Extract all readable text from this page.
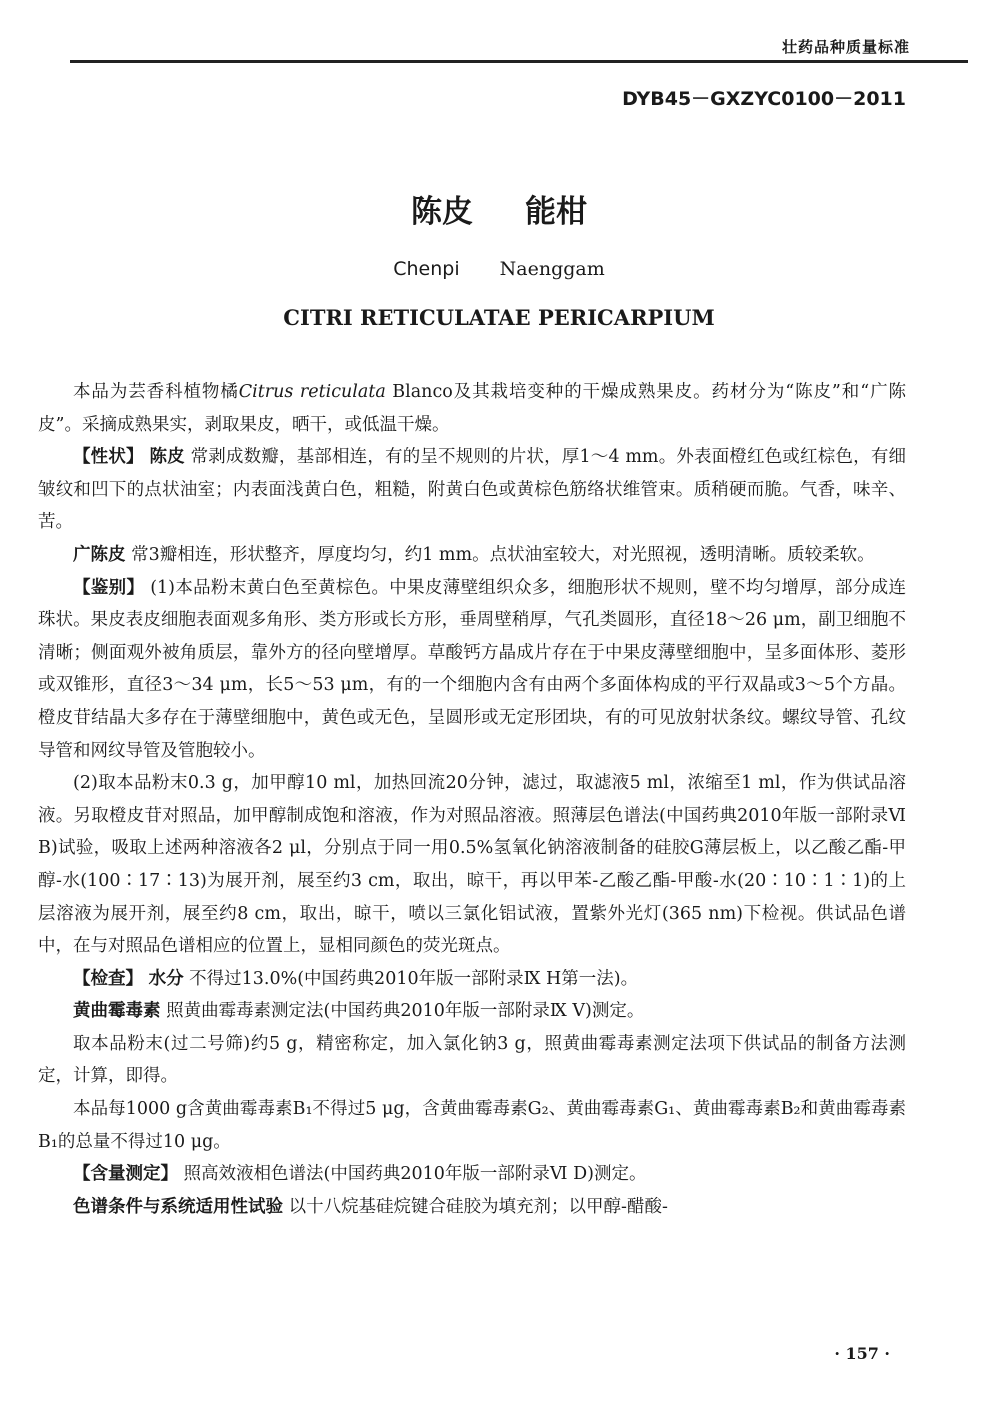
壮药品种质量标准
DYB45－GXZYC0100－2011
陈皮 能柑
Chenpi Naenggam
CITRI RETICULATAE PERICARPIUM

本品为芸香科植物橘Citrus reticulata Blanco及其栽培变种的干燥成熟果皮。药材分为“陈皮”和“广陈皮”。采摘成熟果实，剥取果皮，晒干，或低温干燥。

【性状】 陈皮 常剥成数瓣，基部相连，有的呈不规则的片状，厚1～4 mm。外表面橙红色或红棕色，有细皱纹和凹下的点状油室；内表面浅黄白色，粗糙，附黄白色或黄棕色筋络状维管束。质稍硬而脆。气香，味辛、苦。

广陈皮 常3瓣相连，形状整齐，厚度均匀，约1 mm。点状油室较大，对光照视，透明清晰。质较柔软。

【鉴别】 (1)本品粉末黄白色至黄棕色。中果皮薄壁组织众多，细胞形状不规则，壁不均匀增厚，部分成连珠状。果皮表皮细胞表面观多角形、类方形或长方形，垂周壁稍厚，气孔类圆形，直径18～26 μm，副卫细胞不清晰；侧面观外被角质层，靠外方的径向壁增厚。草酸钙方晶成片存在于中果皮薄壁细胞中，呈多面体形、菱形或双锥形，直径3～34 μm，长5～53 μm，有的一个细胞内含有由两个多面体构成的平行双晶或3～5个方晶。橙皮苷结晶大多存在于薄壁细胞中，黄色或无色，呈圆形或无定形团块，有的可见放射状条纹。螺纹导管、孔纹导管和网纹导管及管胞较小。

(2)取本品粉末0.3 g，加甲醇10 ml，加热回流20分钟，滤过，取滤液5 ml，浓缩至1 ml，作为供试品溶液。另取橙皮苷对照品，加甲醇制成饱和溶液，作为对照品溶液。照薄层色谱法(中国药典2010年版一部附录Ⅵ B)试验，吸取上述两种溶液各2 μl，分别点于同一用0.5%氢氧化钠溶液制备的硅胶G薄层板上，以乙酸乙酯-甲醇-水(100∶17∶13)为展开剂，展至约3 cm，取出，晾干，再以甲苯-乙酸乙酯-甲酸-水(20∶10∶1∶1)的上层溶液为展开剂，展至约8 cm，取出，晾干，喷以三氯化铝试液，置紫外光灯(365 nm)下检视。供试品色谱中，在与对照品色谱相应的位置上，显相同颜色的荧光斑点。

【检查】 水分 不得过13.0%(中国药典2010年版一部附录Ⅸ H第一法)。

黄曲霉毒素 照黄曲霉毒素测定法(中国药典2010年版一部附录Ⅸ V)测定。

取本品粉末(过二号筛)约5 g，精密称定，加入氯化钠3 g，照黄曲霉毒素测定法项下供试品的制备方法测定，计算，即得。

本品每1000 g含黄曲霉毒素B₁不得过5 μg，含黄曲霉毒素G₂、黄曲霉毒素G₁、黄曲霉毒素B₂和黄曲霉毒素B₁的总量不得过10 μg。

【含量测定】 照高效液相色谱法(中国药典2010年版一部附录Ⅵ D)测定。

色谱条件与系统适用性试验 以十八烷基硅烷键合硅胶为填充剂；以甲醇-醋酸-

· 157 ·
